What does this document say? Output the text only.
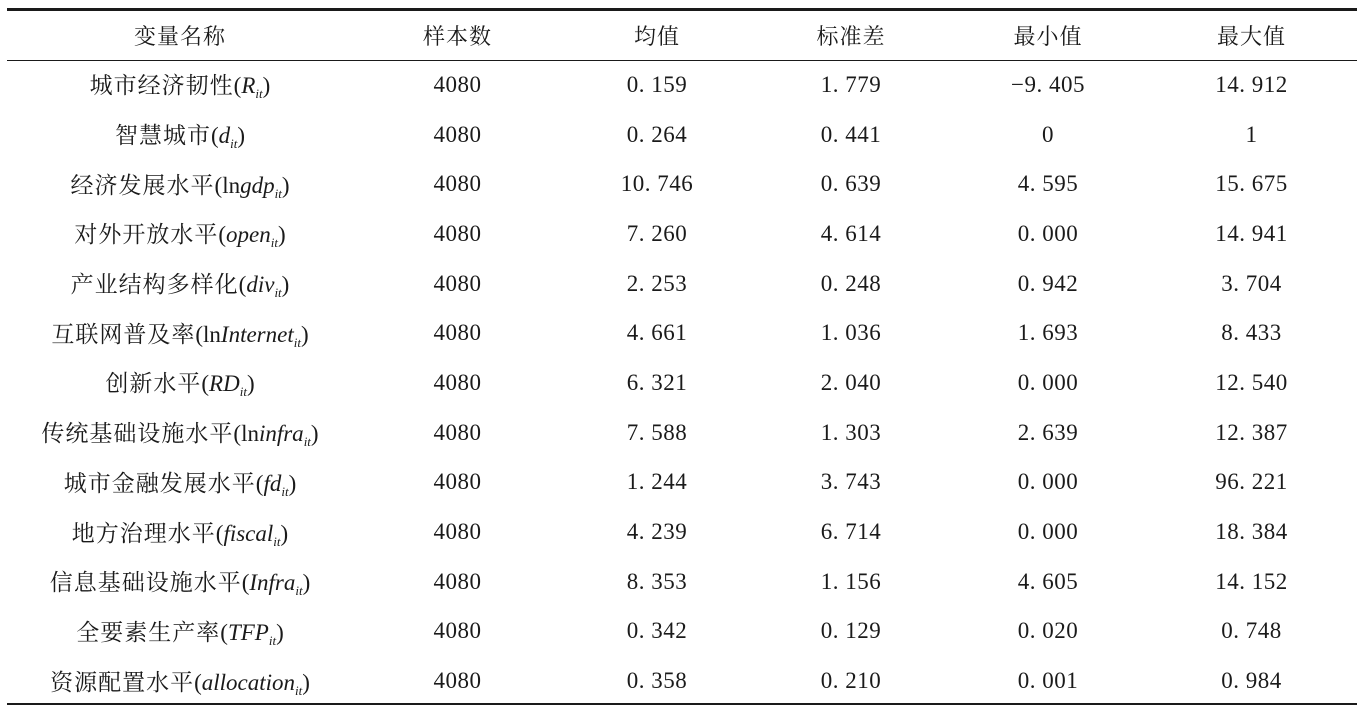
变量名称	样本数	均值	标准差	最小值	最大值
城市经济韧性$(R_{it})$	4080	0. 159	1. 779	−9. 405	14. 912
智慧城市$(d_{it})$	4080	0. 264	0. 441	0	1
经济发展水平(lngdp$_{it}$)	4080	10. 746	0. 639	4. 595	15. 675
对外开放水平(open$_{it}$)	4080	7. 260	4. 614	0. 000	14. 941
产业结构多样化(div$_{it}$)	4080	2. 253	0. 248	0. 942	3. 704
互联网普及率(lnInternet$_{it}$)	4080	4. 661	1. 036	1. 693	8. 433
创新水平$(RD_{it})$	4080	6. 321	2. 040	0. 000	12. 540
传统基础设施水平(lninfra$_{it}$)	4080	7. 588	1. 303	2. 639	12. 387
城市金融发展水平$(fd_{it})$	4080	1. 244	3. 743	0. 000	96. 221
地方治理水平(fiscal$_{it}$)	4080	4. 239	6. 714	0. 000	18. 384
信息基础设施水平(Infra$_{it}$)	4080	8. 353	1. 156	4. 605	14. 152
全要素生产率$(TFP_{it})$	4080	0. 342	0. 129	0. 020	0. 748
资源配置水平(allocation$_{it}$)	4080	0. 358	0. 210	0. 001	0. 984
